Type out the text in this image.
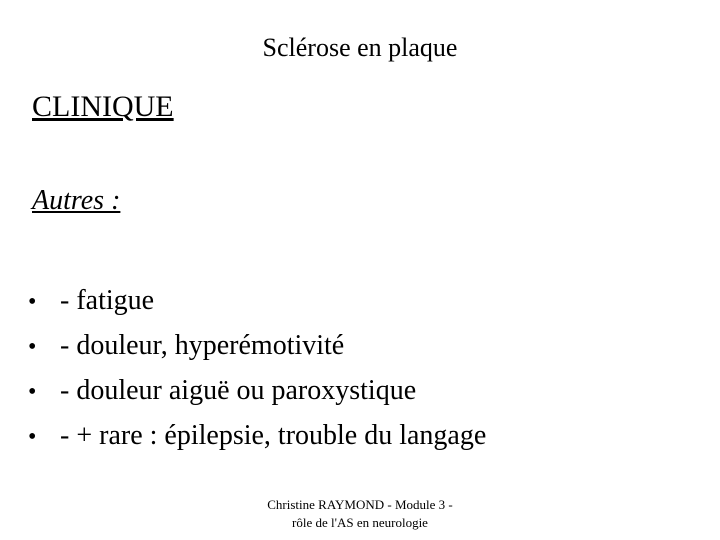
Sclérose en plaque
CLINIQUE
Autres :
• - fatigue
• - douleur, hyperémotivité
• - douleur aiguë ou paroxystique
• - + rare : épilepsie, trouble du langage
Christine RAYMOND - Module 3 -
rôle de l'AS en neurologie
